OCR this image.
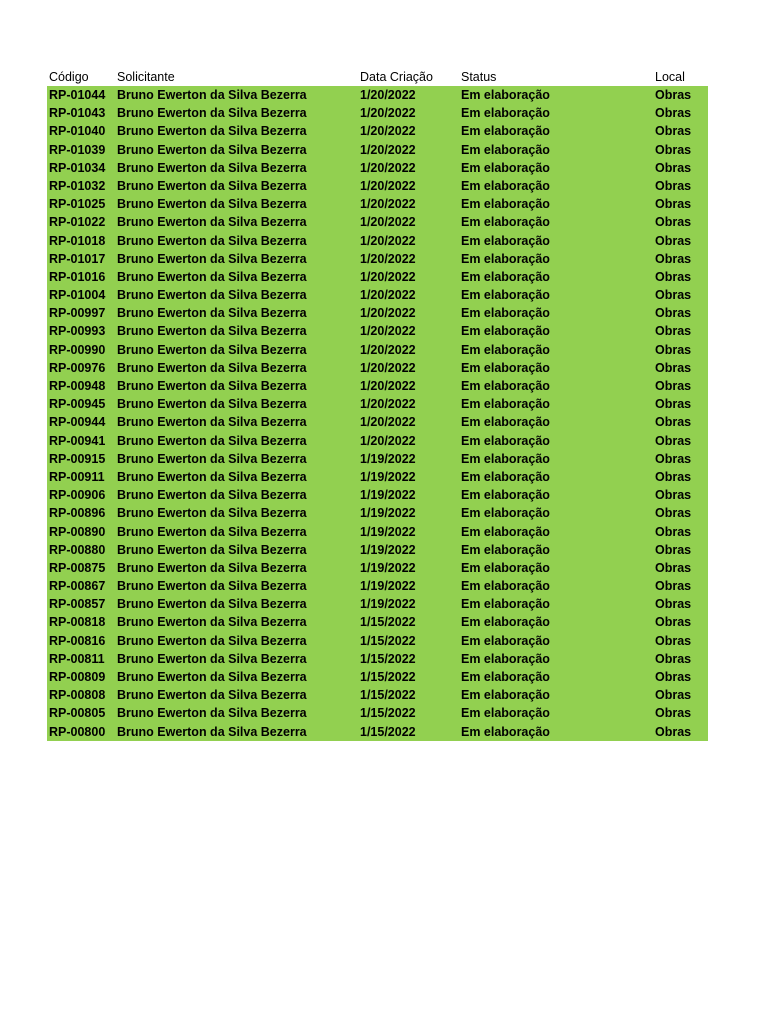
Código	Solicitante	Data Criação	Status	Local
RP-01044 Bruno Ewerton da Silva Bezerra	1/20/2022	Em elaboração	Obras
RP-01043 Bruno Ewerton da Silva Bezerra	1/20/2022	Em elaboração	Obras
RP-01040 Bruno Ewerton da Silva Bezerra	1/20/2022	Em elaboração	Obras
RP-01039 Bruno Ewerton da Silva Bezerra	1/20/2022	Em elaboração	Obras
RP-01034 Bruno Ewerton da Silva Bezerra	1/20/2022	Em elaboração	Obras
RP-01032 Bruno Ewerton da Silva Bezerra	1/20/2022	Em elaboração	Obras
RP-01025 Bruno Ewerton da Silva Bezerra	1/20/2022	Em elaboração	Obras
RP-01022 Bruno Ewerton da Silva Bezerra	1/20/2022	Em elaboração	Obras
RP-01018 Bruno Ewerton da Silva Bezerra	1/20/2022	Em elaboração	Obras
RP-01017 Bruno Ewerton da Silva Bezerra	1/20/2022	Em elaboração	Obras
RP-01016 Bruno Ewerton da Silva Bezerra	1/20/2022	Em elaboração	Obras
RP-01004 Bruno Ewerton da Silva Bezerra	1/20/2022	Em elaboração	Obras
RP-00997 Bruno Ewerton da Silva Bezerra	1/20/2022	Em elaboração	Obras
RP-00993 Bruno Ewerton da Silva Bezerra	1/20/2022	Em elaboração	Obras
RP-00990 Bruno Ewerton da Silva Bezerra	1/20/2022	Em elaboração	Obras
RP-00976 Bruno Ewerton da Silva Bezerra	1/20/2022	Em elaboração	Obras
RP-00948 Bruno Ewerton da Silva Bezerra	1/20/2022	Em elaboração	Obras
RP-00945 Bruno Ewerton da Silva Bezerra	1/20/2022	Em elaboração	Obras
RP-00944 Bruno Ewerton da Silva Bezerra	1/20/2022	Em elaboração	Obras
RP-00941 Bruno Ewerton da Silva Bezerra	1/20/2022	Em elaboração	Obras
RP-00915 Bruno Ewerton da Silva Bezerra	1/19/2022	Em elaboração	Obras
RP-00911 Bruno Ewerton da Silva Bezerra	1/19/2022	Em elaboração	Obras
RP-00906 Bruno Ewerton da Silva Bezerra	1/19/2022	Em elaboração	Obras
RP-00896 Bruno Ewerton da Silva Bezerra	1/19/2022	Em elaboração	Obras
RP-00890 Bruno Ewerton da Silva Bezerra	1/19/2022	Em elaboração	Obras
RP-00880 Bruno Ewerton da Silva Bezerra	1/19/2022	Em elaboração	Obras
RP-00875 Bruno Ewerton da Silva Bezerra	1/19/2022	Em elaboração	Obras
RP-00867 Bruno Ewerton da Silva Bezerra	1/19/2022	Em elaboração	Obras
RP-00857 Bruno Ewerton da Silva Bezerra	1/19/2022	Em elaboração	Obras
RP-00818 Bruno Ewerton da Silva Bezerra	1/15/2022	Em elaboração	Obras
RP-00816 Bruno Ewerton da Silva Bezerra	1/15/2022	Em elaboração	Obras
RP-00811 Bruno Ewerton da Silva Bezerra	1/15/2022	Em elaboração	Obras
RP-00809 Bruno Ewerton da Silva Bezerra	1/15/2022	Em elaboração	Obras
RP-00808 Bruno Ewerton da Silva Bezerra	1/15/2022	Em elaboração	Obras
RP-00805 Bruno Ewerton da Silva Bezerra	1/15/2022	Em elaboração	Obras
RP-00800 Bruno Ewerton da Silva Bezerra	1/15/2022	Em elaboração	Obras
